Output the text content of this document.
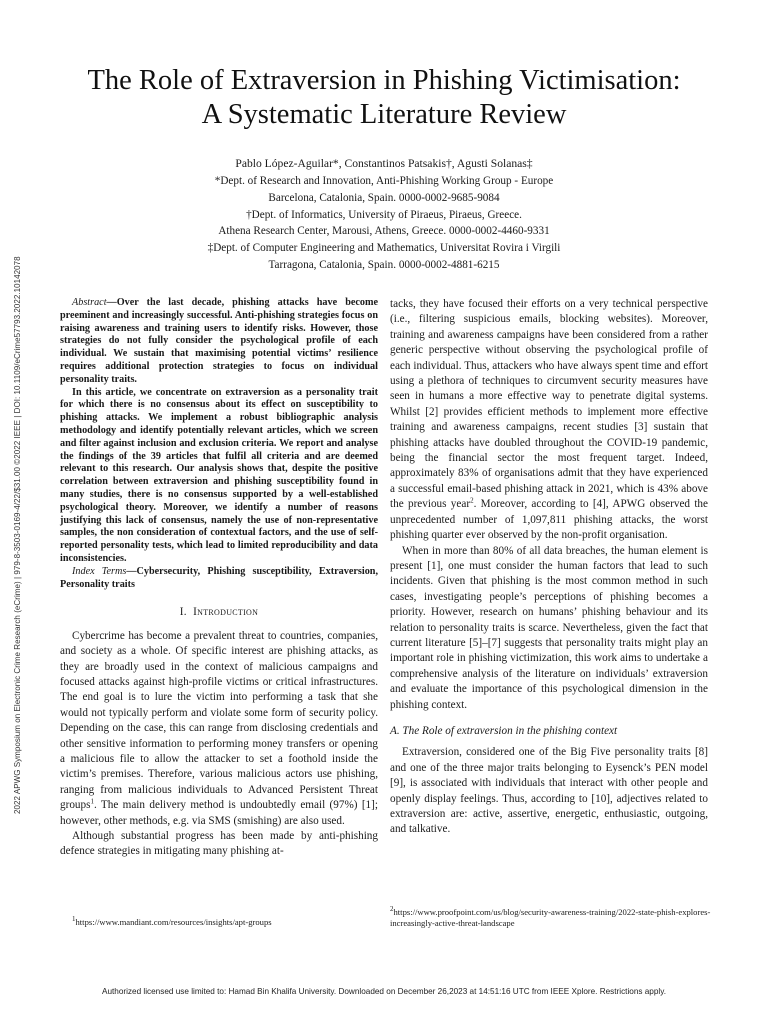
2022 APWG Symposium on Electronic Crime Research (eCrime) | 979-8-3503-0169-4/22/$31.00 ©2022 IEEE | DOI: 10.1109/eCrime57793.2022.10142078
The Role of Extraversion in Phishing Victimisation:
A Systematic Literature Review
Pablo López-Aguilar*, Constantinos Patsakis†, Agusti Solanas‡
*Dept. of Research and Innovation, Anti-Phishing Working Group - Europe
Barcelona, Catalonia, Spain. 0000-0002-9685-9084
†Dept. of Informatics, University of Piraeus, Piraeus, Greece.
Athena Research Center, Marousi, Athens, Greece. 0000-0002-4460-9331
‡Dept. of Computer Engineering and Mathematics, Universitat Rovira i Virgili
Tarragona, Catalonia, Spain. 0000-0002-4881-6215

Abstract—Over the last decade, phishing attacks have become preeminent and increasingly successful. Anti-phishing strategies focus on raising awareness and training users to identify risks. However, those strategies do not fully consider the psychological profile of each individual. We sustain that maximising potential victims’ resilience requires additional protection strategies to focus on individual personality traits.

In this article, we concentrate on extraversion as a personality trait for which there is no consensus about its effect on susceptibility to phishing attacks. We implement a robust bibliographic analysis methodology and identify potentially relevant articles, which we screen and filter against inclusion and exclusion criteria. We report and analyse the findings of the 39 articles that fulfil all criteria and are deemed relevant to this research. Our analysis shows that, despite the positive correlation between extraversion and phishing susceptibility found in many studies, there is no consensus supported by a well-established psychological theory. Moreover, we identify a number of reasons justifying this lack of consensus, namely the use of non-representative samples, the non consideration of contextual factors, and the use of self-reported personality tests, which lead to limited reproducibility and data inconsistencies.

Index Terms—Cybersecurity, Phishing susceptibility, Extraversion, Personality traits

I. Introduction

Cybercrime has become a prevalent threat to countries, companies, and society as a whole. Of specific interest are phishing attacks, as they are broadly used in the context of malicious campaigns and focused attacks against high-profile victims or critical infrastructures. The end goal is to lure the victim into performing a task that she would not typically perform and violate some form of security policy. Depending on the case, this can range from disclosing credentials and other sensitive information to performing money transfers or opening a malicious file to allow the attacker to set a foothold inside the victim’s premises. Therefore, various malicious actors use phishing, ranging from malicious individuals to Advanced Persistent Threat groups$^1$. The main delivery method is undoubtedly email (97%) [1]; however, other methods, e.g. via SMS (smishing) are also used.

Although substantial progress has been made by anti-phishing defence strategies in mitigating many phishing at-

tacks, they have focused their efforts on a very technical perspective (i.e., filtering suspicious emails, blocking websites). Moreover, training and awareness campaigns have been considered from a rather generic perspective without observing the psychological profile of each individual. Thus, attackers who have always spent time and effort using a plethora of techniques to circumvent security measures have seen in humans a more effective way to penetrate digital systems. Whilst [2] provides efficient methods to implement more effective training and awareness campaigns, recent studies [3] sustain that phishing attacks have doubled throughout the COVID-19 pandemic, being the financial sector the most frequent target. Indeed, approximately 83% of organisations admit that they have experienced a successful email-based phishing attack in 2021, which is 43% above the previous year$^2$. Moreover, according to [4], APWG observed the unprecedented number of 1,097,811 phishing attacks, the worst phishing quarter ever observed by the non-profit organisation.

When in more than 80% of all data breaches, the human element is present [1], one must consider the human factors that lead to such incidents. Given that phishing is the most common method in such cases, investigating people’s perceptions of phishing becomes a priority. However, research on humans’ phishing behaviour and its relation to personality traits is scarce. Nevertheless, given the fact that current literature [5]–[7] suggests that personality traits might play an important role in phishing victimization, this work aims to undertake a comprehensive analysis of the literature on individuals’ extraversion and evaluate the importance of this psychological dimension in the phishing context.

A. The Role of extraversion in the phishing context

Extraversion, considered one of the Big Five personality traits [8] and one of the three major traits belonging to Eysenck’s PEN model [9], is associated with individuals that interact with other people and openly display feelings. Thus, according to [10], adjectives related to extraversion are: active, assertive, energetic, enthusiastic, outgoing, and talkative.

$^1$https://www.mandiant.com/resources/insights/apt-groups
$^2$https://www.proofpoint.com/us/blog/security-awareness-training/2022-state-phish-explores-increasingly-active-threat-landscape
Authorized licensed use limited to: Hamad Bin Khalifa University. Downloaded on December 26,2023 at 14:51:16 UTC from IEEE Xplore. Restrictions apply.
